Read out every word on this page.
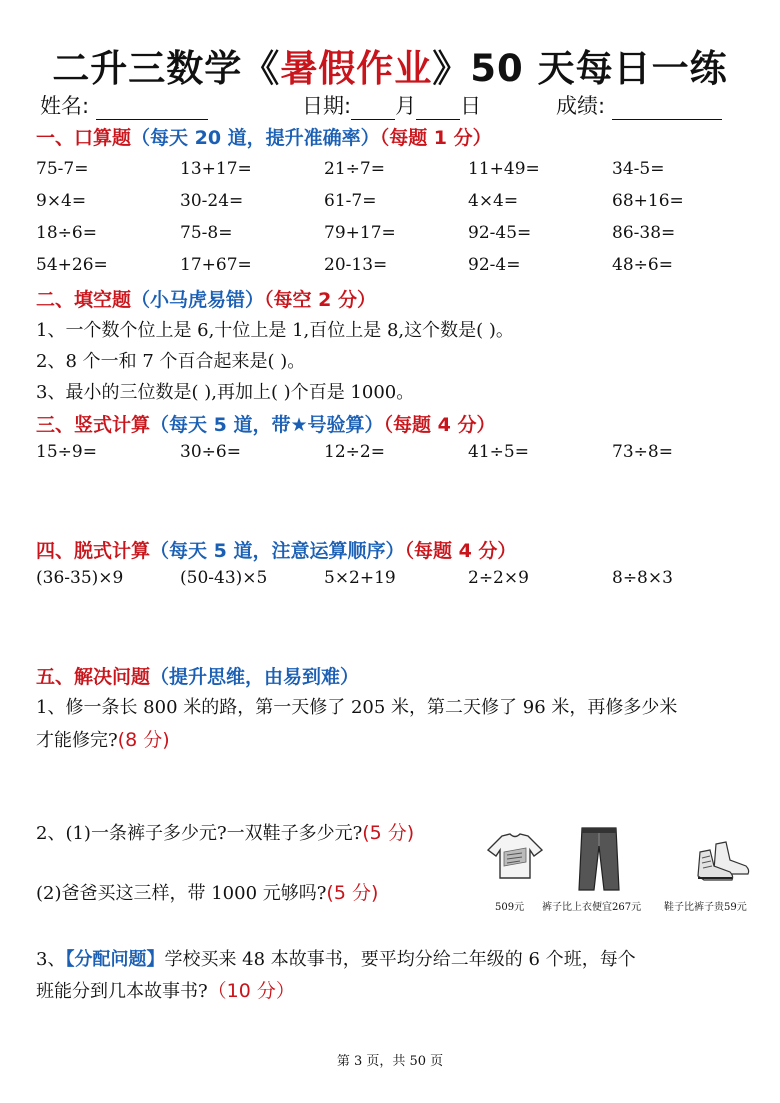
二升三数学《暑假作业》50 天每日一练
姓名:	日期: 月 日	成绩:
一、口算题（每天 20 道，提升准确率）（每题 1 分）
二、填空题（小马虎易错）（每空 2 分）
1、一个数个位上是 6,十位上是 1,百位上是 8,这个数是( )。
2、8 个一和 7 个百合起来是( )。
3、最小的三位数是( ),再加上( )个百是 1000。
三、竖式计算（每天 5 道，带★号验算）（每题 4 分）
四、脱式计算（每天 5 道，注意运算顺序）（每题 4 分）
五、解决问题（提升思维，由易到难）
1、修一条长 800 米的路，第一天修了 205 米，第二天修了 96 米，再修多少米
才能修完?(8 分)
2、(1)一条裤子多少元?一双鞋子多少元?(5 分)
(2)爸爸买这三样，带 1000 元够吗?(5 分)
509元 裤子比上衣便宜267元 鞋子比裤子贵59元
3、【分配问题】学校买来 48 本故事书，要平均分给二年级的 6 个班，每个
班能分到几本故事书?（10 分）
第 3 页，共 50 页
75-7=	13+17=	21÷7=	11+49=	34-5=
9×4=	30-24=	61-7=	4×4=	68+16=
18÷6=	75-8=	79+17=	92-45=	86-38=
54+26=	17+67=	20-13=	92-4=	48÷6=
15÷9=	30÷6=	12÷2=	41÷5=	73÷8=
(36-35)×9	(50-43)×5	5×2+19	2÷2×9	8÷8×3
